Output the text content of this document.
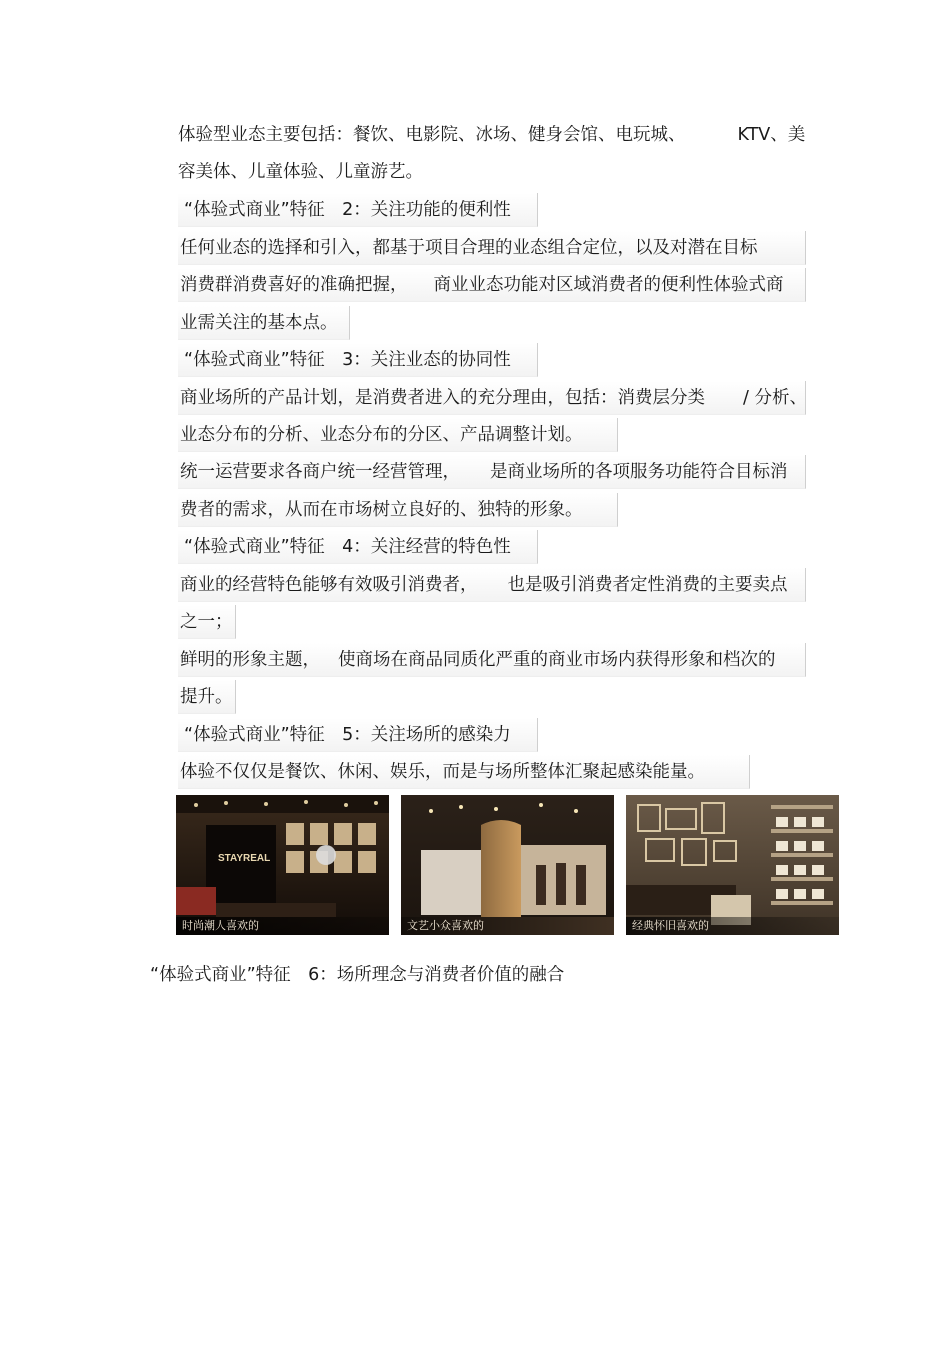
体验型业态主要包括：餐饮、电影院、冰场、健身会馆、电玩城、	KTV、美
容美体、儿童体验、儿童游艺。
“体验式商业”特征　2：关注功能的便利性
任何业态的选择和引入，都基于项目合理的业态组合定位，以及对潜在目标
消费群消费喜好的准确把握， 商业业态功能对区域消费者的便利性体验式商
业需关注的基本点。
“体验式商业”特征　3：关注业态的协同性
商业场所的产品计划，是消费者进入的充分理由，包括：消费层分类 / 分析、
业态分布的分析、业态分布的分区、产品调整计划。
统一运营要求各商户统一经营管理， 是商业场所的各项服务功能符合目标消
费者的需求，从而在市场树立良好的、独特的形象。
“体验式商业”特征　4：关注经营的特色性
商业的经营特色能够有效吸引消费者， 也是吸引消费者定性消费的主要卖点
之一；
鲜明的形象主题， 使商场在商品同质化严重的商业市场内获得形象和档次的
提升。
“体验式商业”特征　5：关注场所的感染力
体验不仅仅是餐饮、休闲、娱乐，而是与场所整体汇聚起感染能量。
STAYREAL
时尚潮人喜欢的	文艺小众喜欢的	经典怀旧喜欢的
“体验式商业”特征　6：场所理念与消费者价值的融合
